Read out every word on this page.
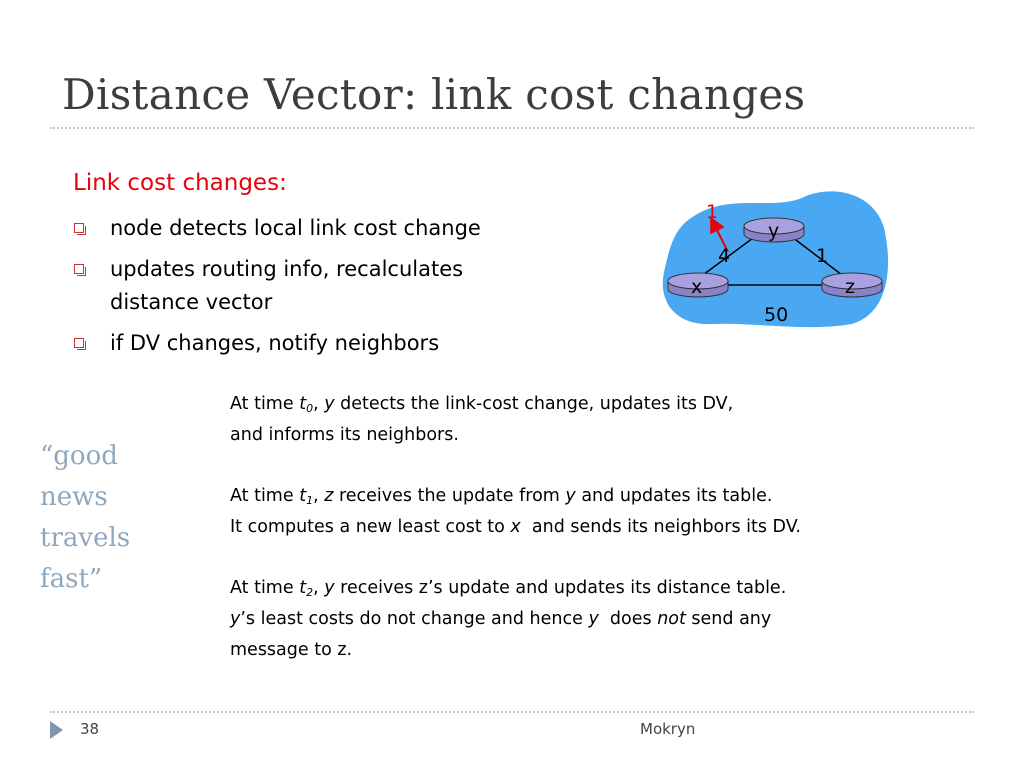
Distance Vector: link cost changes
Link cost changes:
node detects local link cost change
updates routing info, recalculates
distance vector
if DV changes, notify neighbors
“good
news
travels
fast”
1
y
x	z
4	1
50

At time $t_0$, y detects the link-cost change, updates its DV,

and informs its neighbors.

At time $t_1$, z receives the update from y and updates its table.

It computes a new least cost to x  and sends its neighbors its DV.

At time $t_2$, y receives z’s update and updates its distance table.

y’s least costs do not change and hence y  does not send any

message to z.

38	Mokryn
